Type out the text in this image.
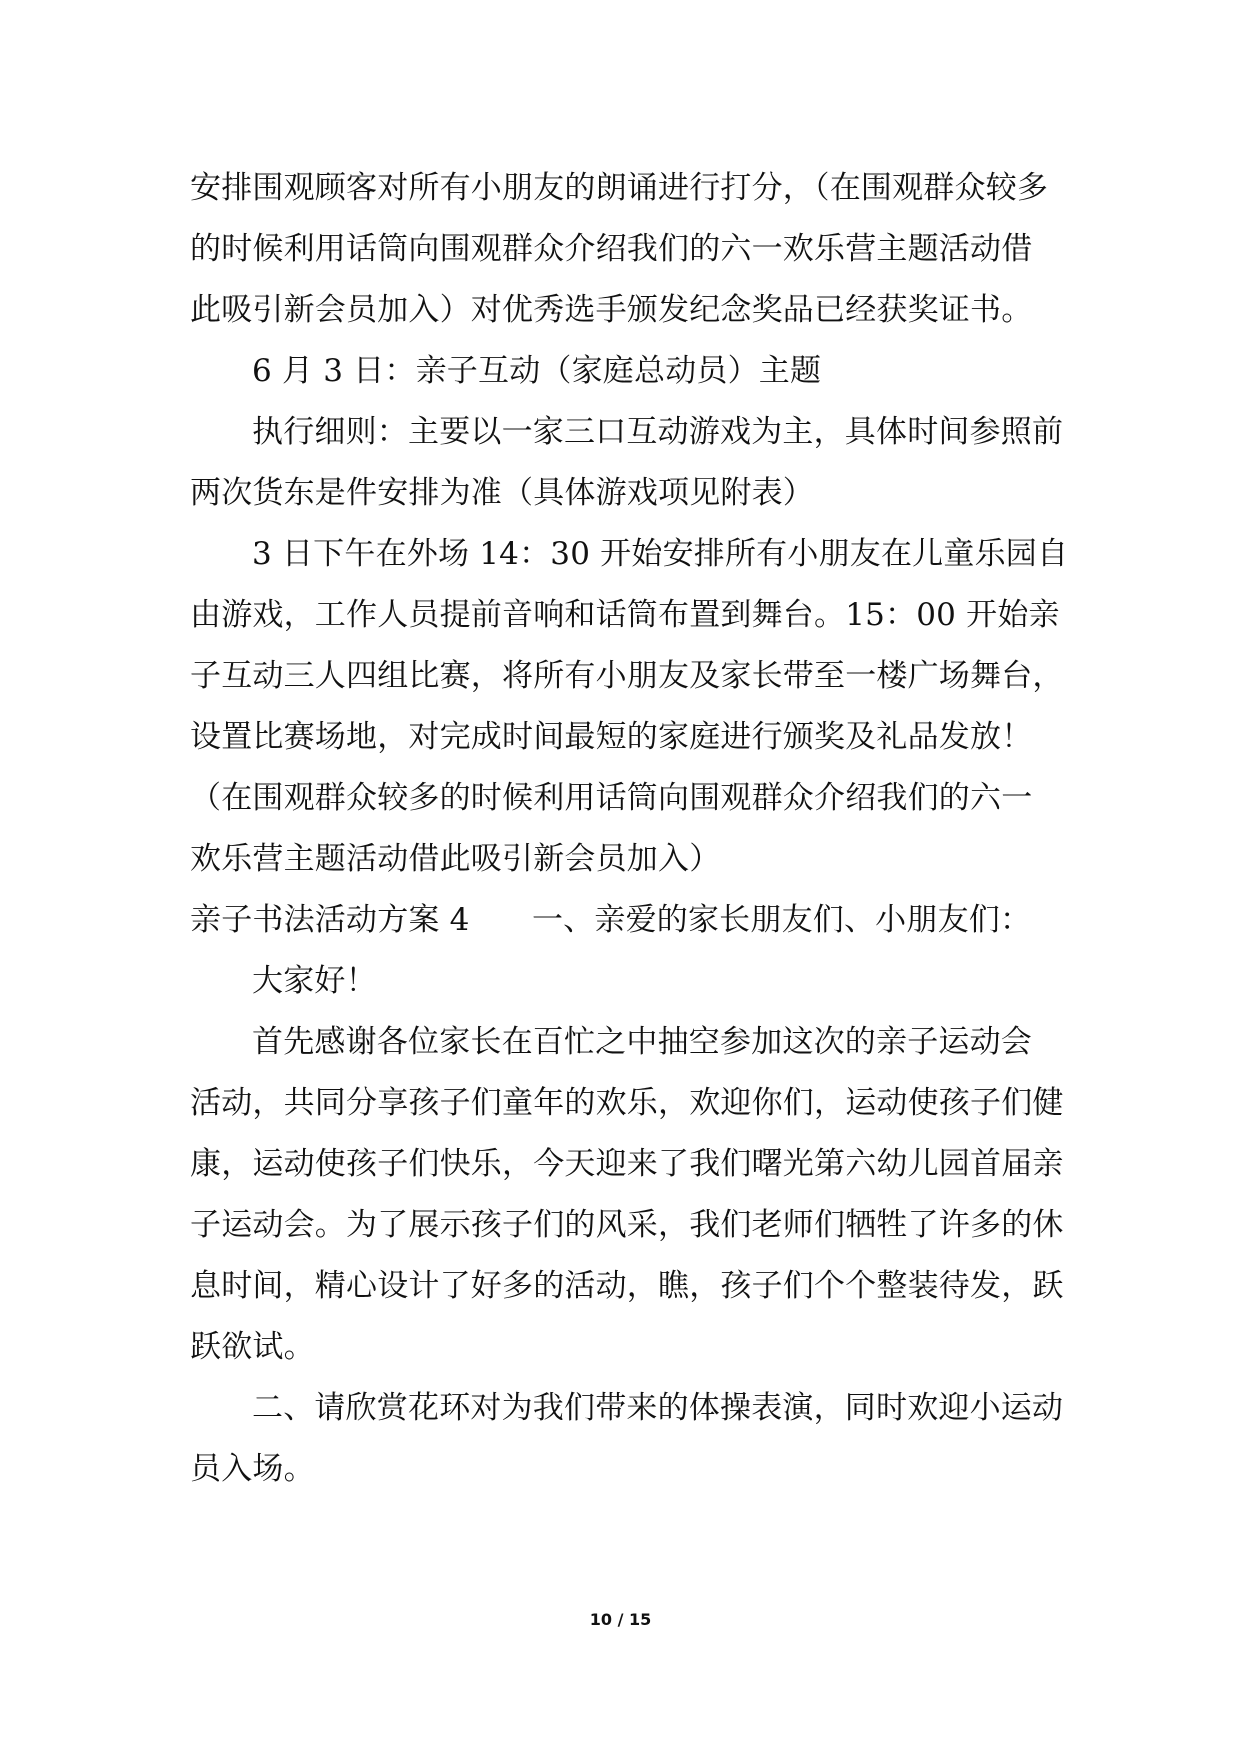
安排围观顾客对所有小朋友的朗诵进行打分，（在围观群众较多
的时候利用话筒向围观群众介绍我们的六一欢乐营主题活动借
此吸引新会员加入）对优秀选手颁发纪念奖品已经获奖证书。
6 月 3 日：亲子互动（家庭总动员）主题
执行细则：主要以一家三口互动游戏为主，具体时间参照前
两次货东是件安排为准（具体游戏项见附表）
3 日下午在外场 14：30 开始安排所有小朋友在儿童乐园自
由游戏，工作人员提前音响和话筒布置到舞台。15：00 开始亲
子互动三人四组比赛，将所有小朋友及家长带至一楼广场舞台，
设置比赛场地，对完成时间最短的家庭进行颁奖及礼品发放！
（在围观群众较多的时候利用话筒向围观群众介绍我们的六一
欢乐营主题活动借此吸引新会员加入）
亲子书法活动方案 4　　一、亲爱的家长朋友们、小朋友们：
大家好！
首先感谢各位家长在百忙之中抽空参加这次的亲子运动会
活动，共同分享孩子们童年的欢乐，欢迎你们，运动使孩子们健
康，运动使孩子们快乐，今天迎来了我们曙光第六幼儿园首届亲
子运动会。为了展示孩子们的风采，我们老师们牺牲了许多的休
息时间，精心设计了好多的活动，瞧，孩子们个个整装待发，跃
跃欲试。
二、请欣赏花环对为我们带来的体操表演，同时欢迎小运动
员入场。
10 / 15
